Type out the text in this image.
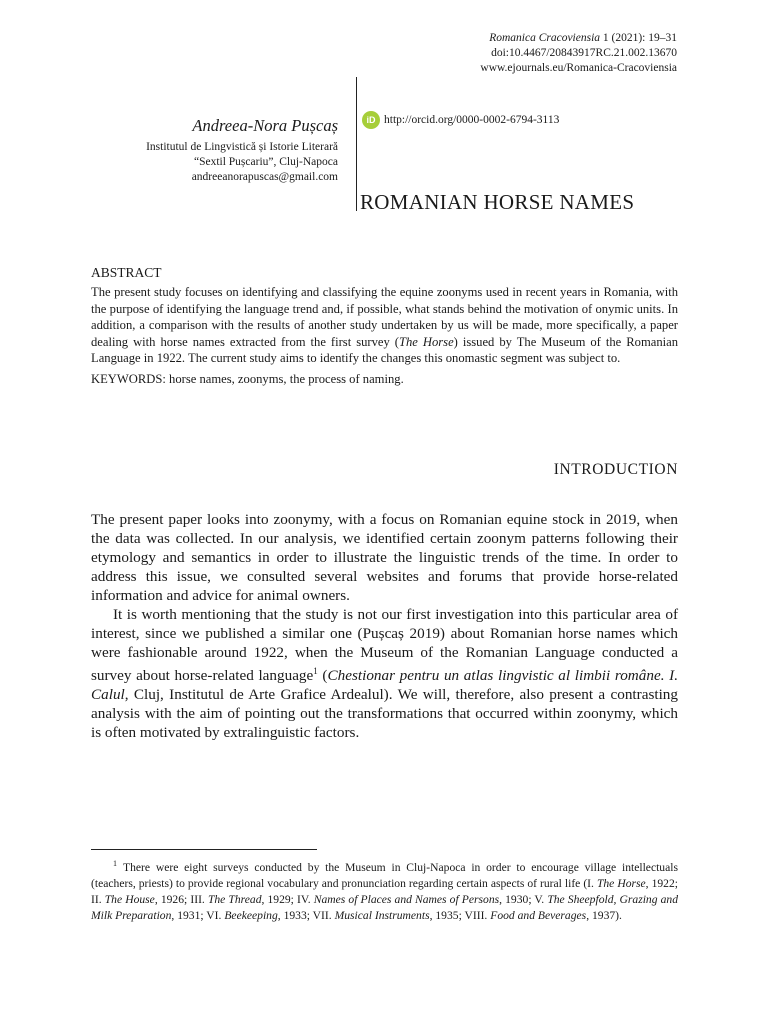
Romanica Cracoviensia 1 (2021): 19–31
doi:10.4467/20843917RC.21.002.13670
www.ejournals.eu/Romanica-Cracoviensia
Andreea-Nora Pușcaș
Institutul de Lingvistică și Istorie Literară
“Sextil Pușcariu”, Cluj-Napoca
andreeanorapuscas@gmail.com
iD http://orcid.org/0000-0002-6794-3113
ROMANIAN HORSE NAMES
ABSTRACT

The present study focuses on identifying and classifying the equine zoonyms used in recent years in Romania, with the purpose of identifying the language trend and, if possible, what stands behind the motivation of onymic units. In addition, a comparison with the results of another study undertaken by us will be made, more specifically, a paper dealing with horse names extracted from the first survey (The Horse) issued by The Museum of the Romanian Language in 1922. The current study aims to identify the changes this onomastic segment was subject to.

KEYWORDS: horse names, zoonyms, the process of naming.

INTRODUCTION

The present paper looks into zoonymy, with a focus on Romanian equine stock in 2019, when the data was collected. In our analysis, we identified certain zoonym patterns following their etymology and semantics in order to illustrate the linguistic trends of the time. In order to address this issue, we consulted several websites and forums that provide horse-related information and advice for animal owners.

It is worth mentioning that the study is not our first investigation into this particular area of interest, since we published a similar one (Pușcaș 2019) about Romanian horse names which were fashionable around 1922, when the Museum of the Romanian Language conducted a survey about horse-related language$^1$ (Chestionar pentru un atlas lingvistic al limbii române. I. Calul, Cluj, Institutul de Arte Grafice Ardealul). We will, therefore, also present a contrasting analysis with the aim of pointing out the transformations that occurred within zoonymy, which is often motivated by extralinguistic factors.

$^1$ There were eight surveys conducted by the Museum in Cluj-Napoca in order to encourage village intellectuals (teachers, priests) to provide regional vocabulary and pronunciation regarding certain aspects of rural life (I. The Horse, 1922; II. The House, 1926; III. The Thread, 1929; IV. Names of Places and Names of Persons, 1930; V. The Sheepfold, Grazing and Milk Preparation, 1931; VI. Beekeeping, 1933; VII. Musical Instruments, 1935; VIII. Food and Beverages, 1937).
